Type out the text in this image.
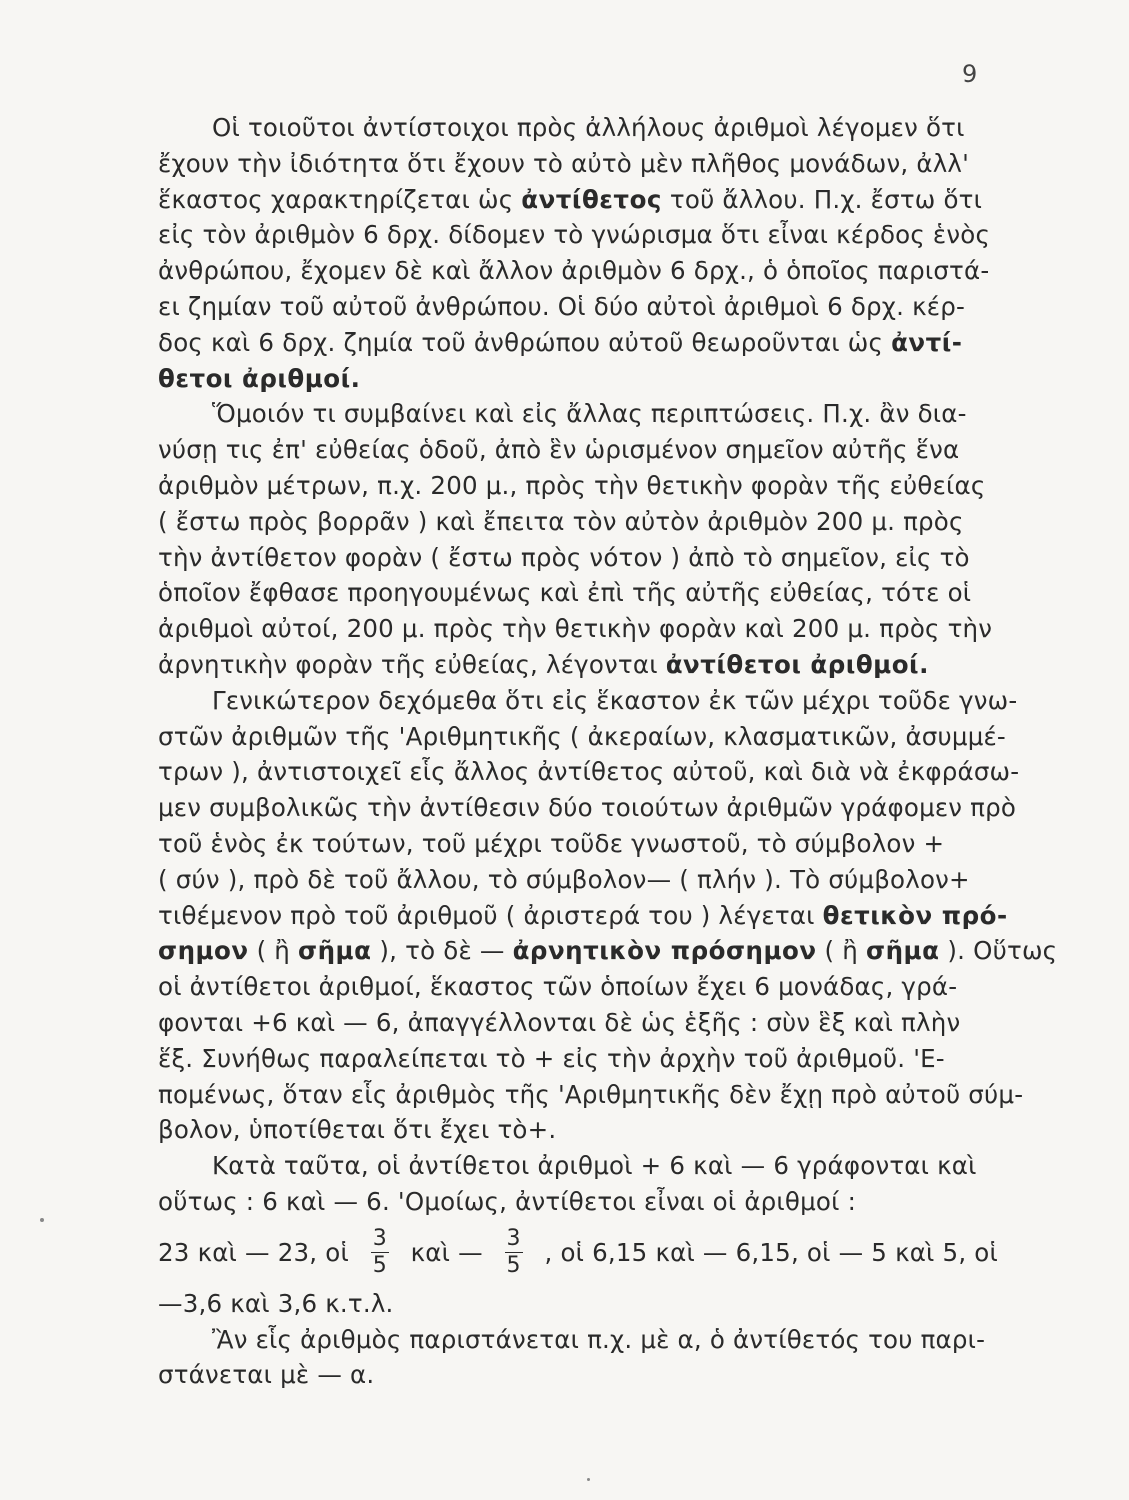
9
Οἱ τοιοῦτοι ἀντίστοιχοι πρὸς ἀλλήλους ἀριθμοὶ λέγομεν ὅτι
ἔχουν τὴν ἰδιότητα ὅτι ἔχουν τὸ αὐτὸ μὲν πλῆθος μονάδων, ἀλλ'
ἕκαστος χαρακτηρίζεται ὡς ἀντίθετος τοῦ ἄλλου. Π.χ. ἔστω ὅτι
εἰς τὸν ἀριθμὸν 6 δρχ. δίδομεν τὸ γνώρισμα ὅτι εἶναι κέρδος ἑνὸς
ἀνθρώπου, ἔχομεν δὲ καὶ ἄλλον ἀριθμὸν 6 δρχ., ὁ ὁποῖος παριστά-
ει ζημίαν τοῦ αὐτοῦ ἀνθρώπου. Οἱ δύο αὐτοὶ ἀριθμοὶ 6 δρχ. κέρ-
δος καὶ 6 δρχ. ζημία τοῦ ἀνθρώπου αὐτοῦ θεωροῦνται ὡς ἀντί-
θετοι ἀριθμοί.
Ὅμοιόν τι συμβαίνει καὶ εἰς ἄλλας περιπτώσεις. Π.χ. ἂν δια-
νύσῃ τις ἐπ' εὐθείας ὁδοῦ, ἀπὸ ἓν ὡρισμένον σημεῖον αὐτῆς ἕνα
ἀριθμὸν μέτρων, π.χ. 200 μ., πρὸς τὴν θετικὴν φορὰν τῆς εὐθείας
( ἔστω πρὸς βορρᾶν ) καὶ ἔπειτα τὸν αὐτὸν ἀριθμὸν 200 μ. πρὸς
τὴν ἀντίθετον φορὰν ( ἔστω πρὸς νότον ) ἀπὸ τὸ σημεῖον, εἰς τὸ
ὁποῖον ἔφθασε προηγουμένως καὶ ἐπὶ τῆς αὐτῆς εὐθείας, τότε οἱ
ἀριθμοὶ αὐτοί, 200 μ. πρὸς τὴν θετικὴν φορὰν καὶ 200 μ. πρὸς τὴν
ἀρνητικὴν φορὰν τῆς εὐθείας, λέγονται ἀντίθετοι ἀριθμοί.
Γενικώτερον δεχόμεθα ὅτι εἰς ἕκαστον ἐκ τῶν μέχρι τοῦδε γνω-
στῶν ἀριθμῶν τῆς 'Αριθμητικῆς ( ἀκεραίων, κλασματικῶν, ἀσυμμέ-
τρων ), ἀντιστοιχεῖ εἷς ἄλλος ἀντίθετος αὐτοῦ, καὶ διὰ νὰ ἐκφράσω-
μεν συμβολικῶς τὴν ἀντίθεσιν δύο τοιούτων ἀριθμῶν γράφομεν πρὸ
τοῦ ἑνὸς ἐκ τούτων, τοῦ μέχρι τοῦδε γνωστοῦ, τὸ σύμβολον +
( σύν ), πρὸ δὲ τοῦ ἄλλου, τὸ σύμβολον— ( πλήν ). Τὸ σύμβολον+
τιθέμενον πρὸ τοῦ ἀριθμοῦ ( ἀριστερά του ) λέγεται θετικὸν πρό-
σημον ( ἢ σῆμα ), τὸ δὲ — ἀρνητικὸν πρόσημον ( ἢ σῆμα ). Οὕτως
οἱ ἀντίθετοι ἀριθμοί, ἕκαστος τῶν ὁποίων ἔχει 6 μονάδας, γρά-
φονται +6 καὶ — 6, ἀπαγγέλλονται δὲ ὡς ἑξῆς : σὺν ἓξ καὶ πλὴν
ἕξ. Συνήθως παραλείπεται τὸ + εἰς τὴν ἀρχὴν τοῦ ἀριθμοῦ. 'Ε-
πομένως, ὅταν εἷς ἀριθμὸς τῆς 'Αριθμητικῆς δὲν ἔχῃ πρὸ αὐτοῦ σύμ-
βολον, ὑποτίθεται ὅτι ἔχει τὸ+.
Κατὰ ταῦτα, οἱ ἀντίθετοι ἀριθμοὶ + 6 καὶ — 6 γράφονται καὶ
οὕτως : 6 καὶ — 6. 'Ομοίως, ἀντίθετοι εἶναι οἱ ἀριθμοί :
23 καὶ — 23, οἱ $\frac{3}{5}$ καὶ — $\frac{3}{5}$ , οἱ 6,15 καὶ — 6,15, οἱ — 5 καὶ 5, οἱ
—3,6 καὶ 3,6 κ.τ.λ.
Ἂν εἷς ἀριθμὸς παριστάνεται π.χ. μὲ α, ὁ ἀντίθετός του παρι-
στάνεται μὲ — α.
